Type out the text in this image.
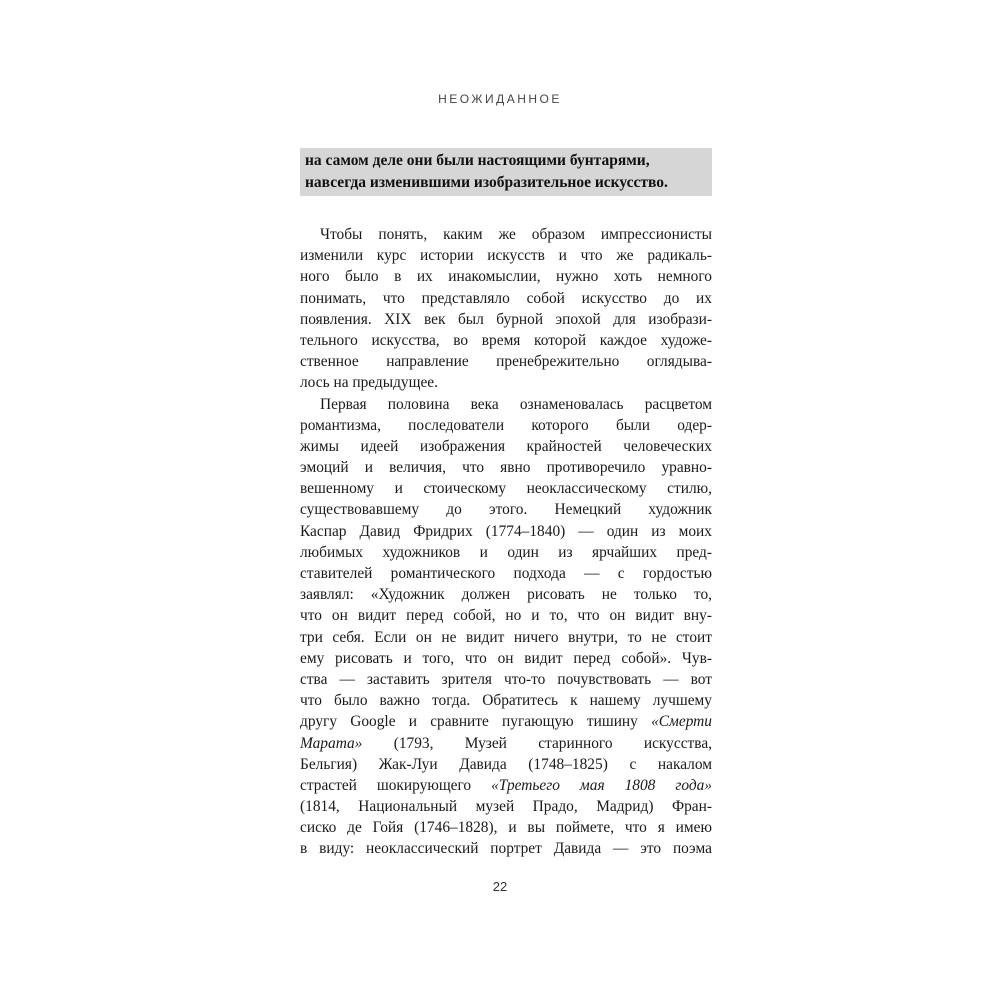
НЕОЖИДАННОЕ
на самом деле они были настоящими бунтарями,
навсегда изменившими изобразительное искусство.
Чтобы понять, каким же образом импрессионисты
изменили курс истории искусств и что же радикаль-
ного было в их инакомыслии, нужно хоть немного
понимать, что представляло собой искусство до их
появления. XIX век был бурной эпохой для изобрази-
тельного искусства, во время которой каждое художе-
ственное направление пренебрежительно оглядыва-
лось на предыдущее.
Первая половина века ознаменовалась расцветом
романтизма, последователи которого были одер-
жимы идеей изображения крайностей человеческих
эмоций и величия, что явно противоречило уравно-
вешенному и стоическому неоклассическому стилю,
существовавшему до этого. Немецкий художник
Каспар Давид Фридрих (1774–1840) — один из моих
любимых художников и один из ярчайших пред-
ставителей романтического подхода — с гордостью
заявлял: «Художник должен рисовать не только то,
что он видит перед собой, но и то, что он видит вну-
три себя. Если он не видит ничего внутри, то не стоит
ему рисовать и того, что он видит перед собой». Чув-
ства — заставить зрителя что-то почувствовать — вот
что было важно тогда. Обратитесь к нашему лучшему
другу Google и сравните пугающую тишину «Смерти
Марата» (1793, Музей старинного искусства,
Бельгия) Жак-Луи Давида (1748–1825) с накалом
страстей шокирующего «Третьего мая 1808 года»
(1814, Национальный музей Прадо, Мадрид) Фран-
сиско де Гойя (1746–1828), и вы поймете, что я имею
в виду: неоклассический портрет Давида — это поэма
22
